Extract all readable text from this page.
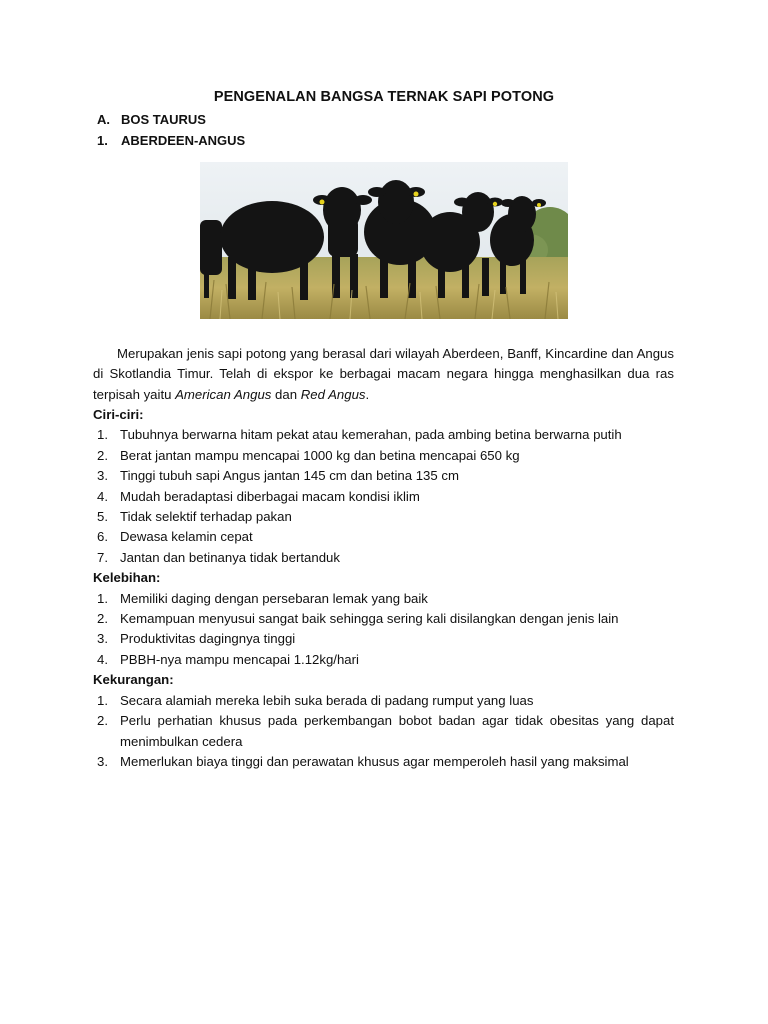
PENGENALAN BANGSA TERNAK SAPI POTONG
A. BOS TAURUS
1. ABERDEEN-ANGUS

Merupakan jenis sapi potong yang berasal dari wilayah Aberdeen, Banff, Kincardine dan Angus di Skotlandia Timur. Telah di ekspor ke berbagai macam negara hingga menghasilkan dua ras terpisah yaitu American Angus dan Red Angus.

Ciri-ciri:

1. Tubuhnya berwarna hitam pekat atau kemerahan, pada ambing betina berwarna putih
2. Berat jantan mampu mencapai 1000 kg dan betina mencapai 650 kg
3. Tinggi tubuh sapi Angus jantan 145 cm dan betina 135 cm
4. Mudah beradaptasi diberbagai macam kondisi iklim
5. Tidak selektif terhadap pakan
6. Dewasa kelamin cepat
7. Jantan dan betinanya tidak bertanduk

Kelebihan:

1. Memiliki daging dengan persebaran lemak yang baik
2. Kemampuan menyusui sangat baik sehingga sering kali disilangkan dengan jenis lain
3. Produktivitas dagingnya tinggi
4. PBBH-nya mampu mencapai 1.12kg/hari

Kekurangan:

1. Secara alamiah mereka lebih suka berada di padang rumput yang luas
2. Perlu perhatian khusus pada perkembangan bobot badan agar tidak obesitas yang dapat menimbulkan cedera
3. Memerlukan biaya tinggi dan perawatan khusus agar memperoleh hasil yang maksimal
